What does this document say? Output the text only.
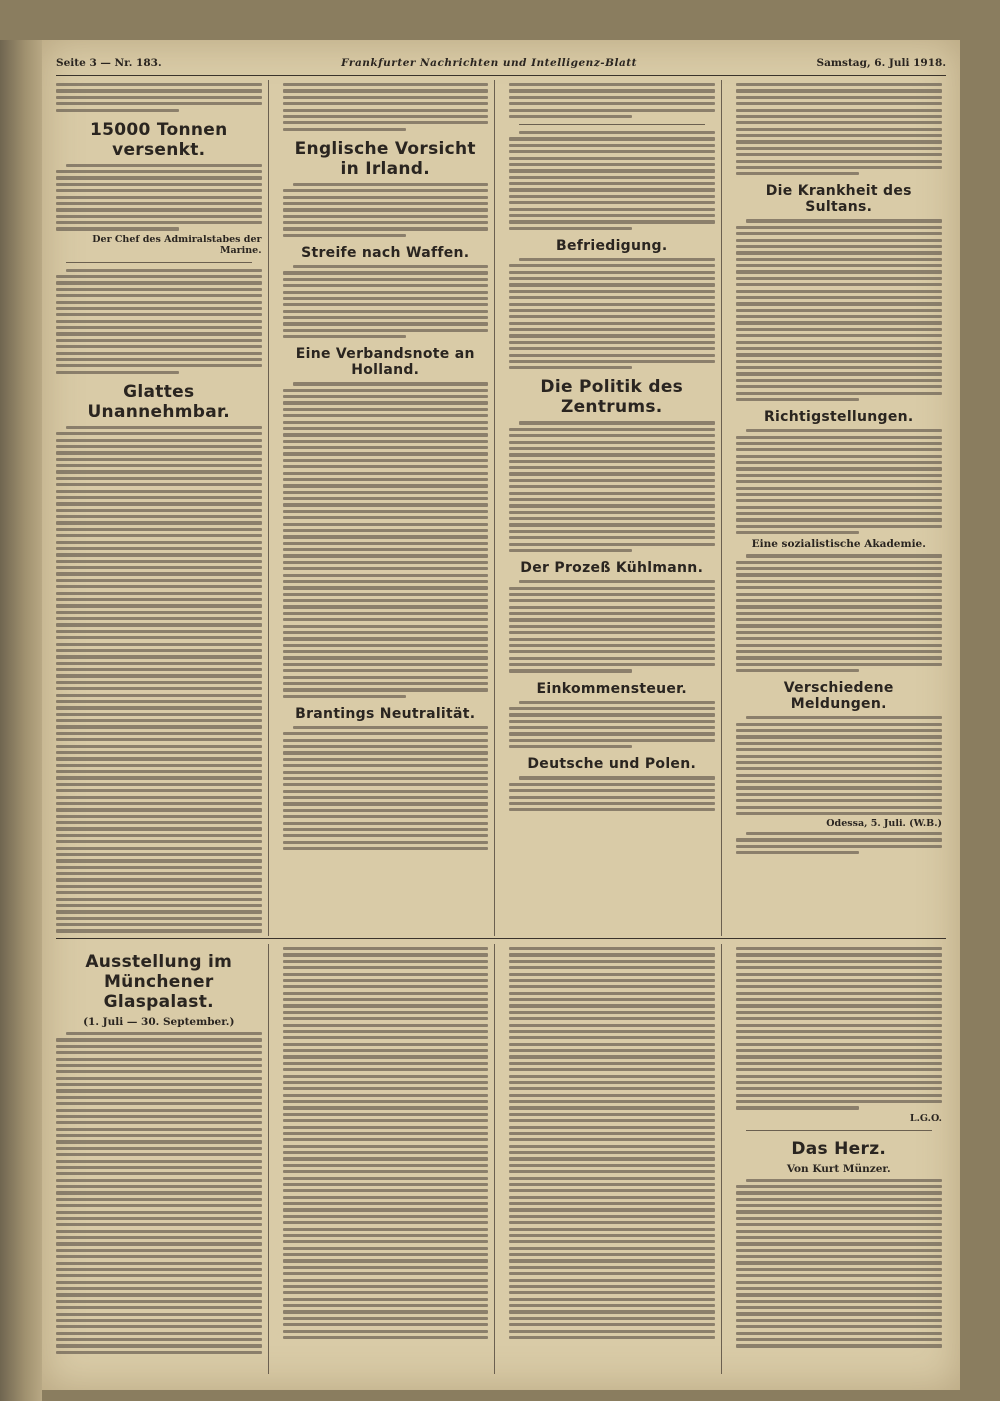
Seite 3 — Nr. 183.	Frankfurter Nachrichten und Intelligenz-Blatt	Samstag, 6. Juli 1918.
15000 Tonnen versenkt.
Der Chef des Admiralstabes der Marine.
Glattes Unannehmbar.
Englische Vorsicht in Irland.
Streife nach Waffen.
Eine Verbandsnote an Holland.
Brantings Neutralität.
Befriedigung.
Die Politik des Zentrums.
Der Prozeß Kühlmann.
Einkommensteuer.
Deutsche und Polen.
Die Krankheit des Sultans.
Richtigstellungen.
Eine sozialistische Akademie.
Verschiedene Meldungen.
Odessa, 5. Juli. (W.B.)
Ausstellung im Münchener Glaspalast.
(1. Juli — 30. September.)
L.G.O.
Das Herz.
Von Kurt Münzer.
